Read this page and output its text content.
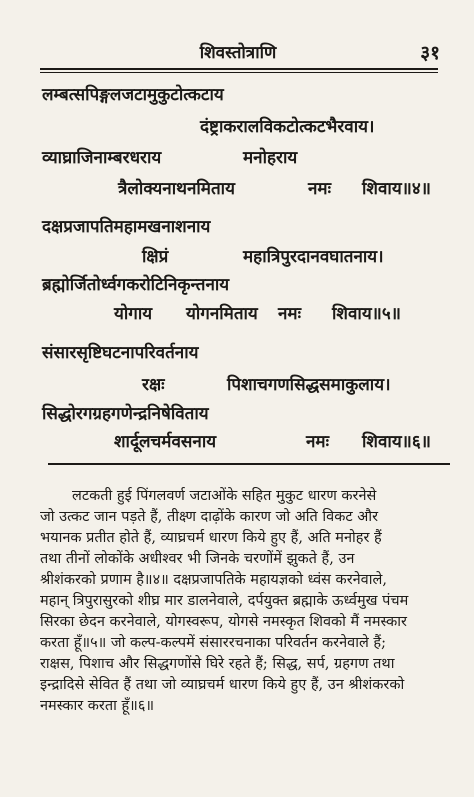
शिवस्तोत्राणि	३१
लम्बत्सपिङ्गलजटामुकुटोत्कटाय
दंष्ट्राकरालविकटोत्कटभैरवाय।
व्याघ्राजिनाम्बरधराय	मनोहराय
त्रैलोक्यनाथनमिताय	नमः शिवाय॥४॥
दक्षप्रजापतिमहामखनाशनाय
क्षिप्रं	महात्रिपुरदानवघातनाय।
ब्रह्मोर्जितोर्ध्वगकरोटिनिकृन्तनाय
योगाय योगनमिताय नमः शिवाय॥५॥
संसारसृष्टिघटनापरिवर्तनाय
रक्षः	पिशाचगणसिद्धसमाकुलाय।
सिद्धोरगग्रहगणेन्द्रनिषेविताय
शार्दूलचर्मवसनाय	नमः शिवाय॥६॥
लटकती हुई पिंगलवर्ण जटाओंके सहित मुकुट धारण करनेसे
जो उत्कट जान पड़ते हैं, तीक्ष्ण दाढ़ोंके कारण जो अति विकट और
भयानक प्रतीत होते हैं, व्याघ्रचर्म धारण किये हुए हैं, अति मनोहर हैं
तथा तीनों लोकोंके अधीश्वर भी जिनके चरणोंमें झुकते हैं, उन
श्रीशंकरको प्रणाम है॥४॥ दक्षप्रजापतिके महायज्ञको ध्वंस करनेवाले,
महान् त्रिपुरासुरको शीघ्र मार डालनेवाले, दर्पयुक्त ब्रह्माके ऊर्ध्वमुख पंचम
सिरका छेदन करनेवाले, योगस्वरूप, योगसे नमस्कृत शिवको मैं नमस्कार
करता हूँ॥५॥ जो कल्प-कल्पमें संसाररचनाका परिवर्तन करनेवाले हैं;
राक्षस, पिशाच और सिद्धगणोंसे घिरे रहते हैं; सिद्ध, सर्प, ग्रहगण तथा
इन्द्रादिसे सेवित हैं तथा जो व्याघ्रचर्म धारण किये हुए हैं, उन श्रीशंकरको
नमस्कार करता हूँ॥६॥
